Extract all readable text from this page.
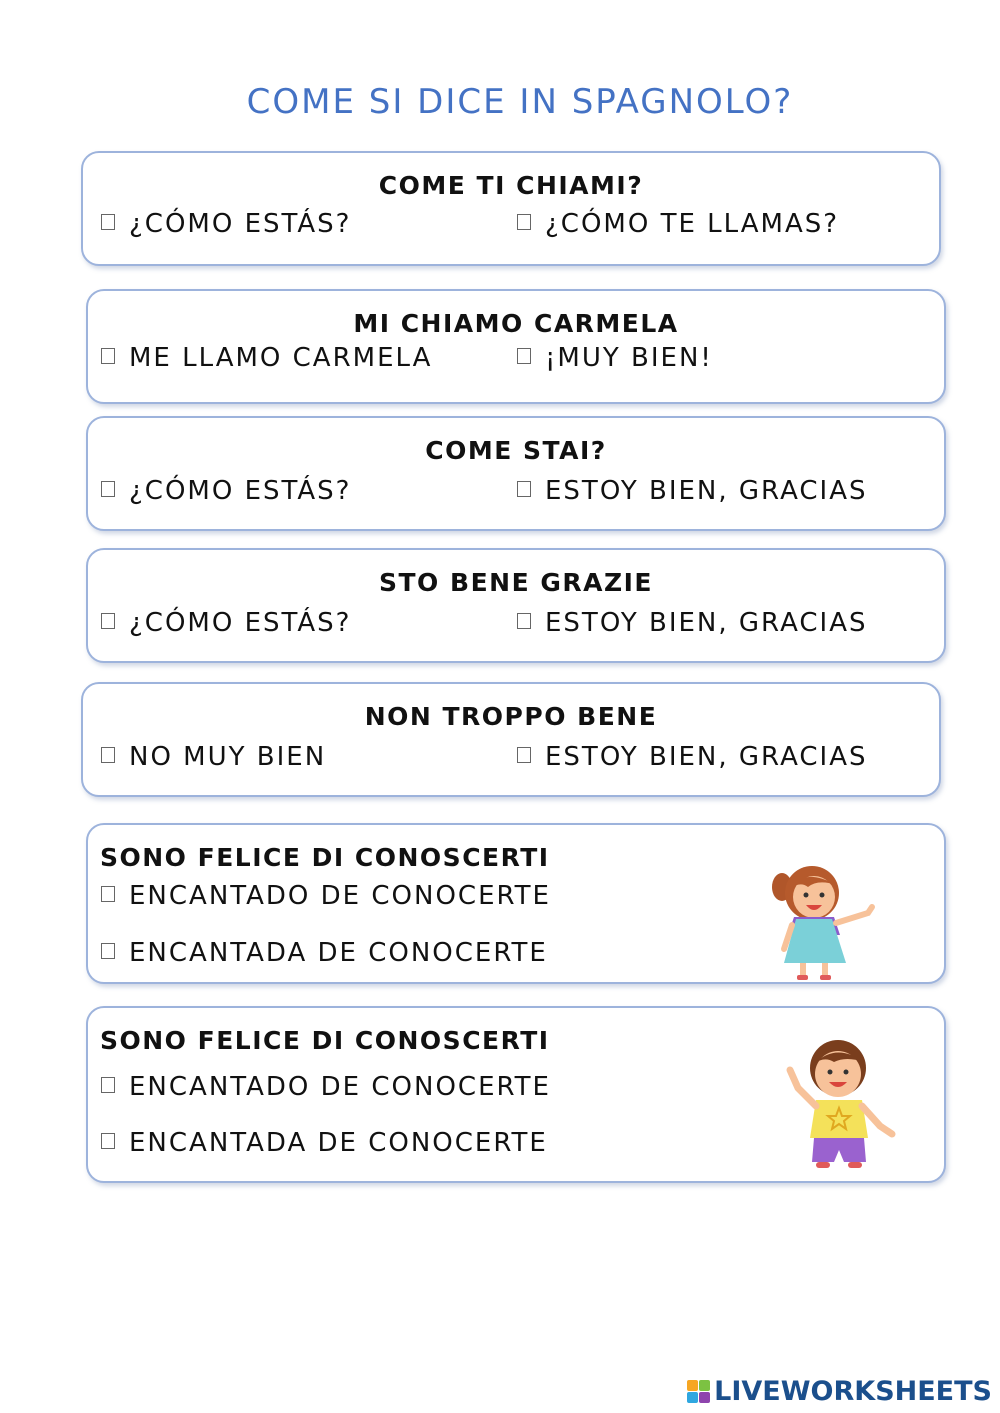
COME SI DICE IN SPAGNOLO?
COME TI CHIAMI?
¿CÓMO ESTÁS?	¿CÓMO TE LLAMAS?
MI CHIAMO CARMELA
ME LLAMO CARMELA	¡MUY BIEN!
COME STAI?
¿CÓMO ESTÁS?	ESTOY BIEN, GRACIAS
STO BENE GRAZIE
¿CÓMO ESTÁS?	ESTOY BIEN, GRACIAS
NON TROPPO BENE
NO MUY BIEN	ESTOY BIEN, GRACIAS
SONO FELICE DI CONOSCERTI
ENCANTADO DE CONOCERTE
ENCANTADA DE CONOCERTE
SONO FELICE DI CONOSCERTI
ENCANTADO DE CONOCERTE
ENCANTADA DE CONOCERTE
LIVEWORKSHEETS
